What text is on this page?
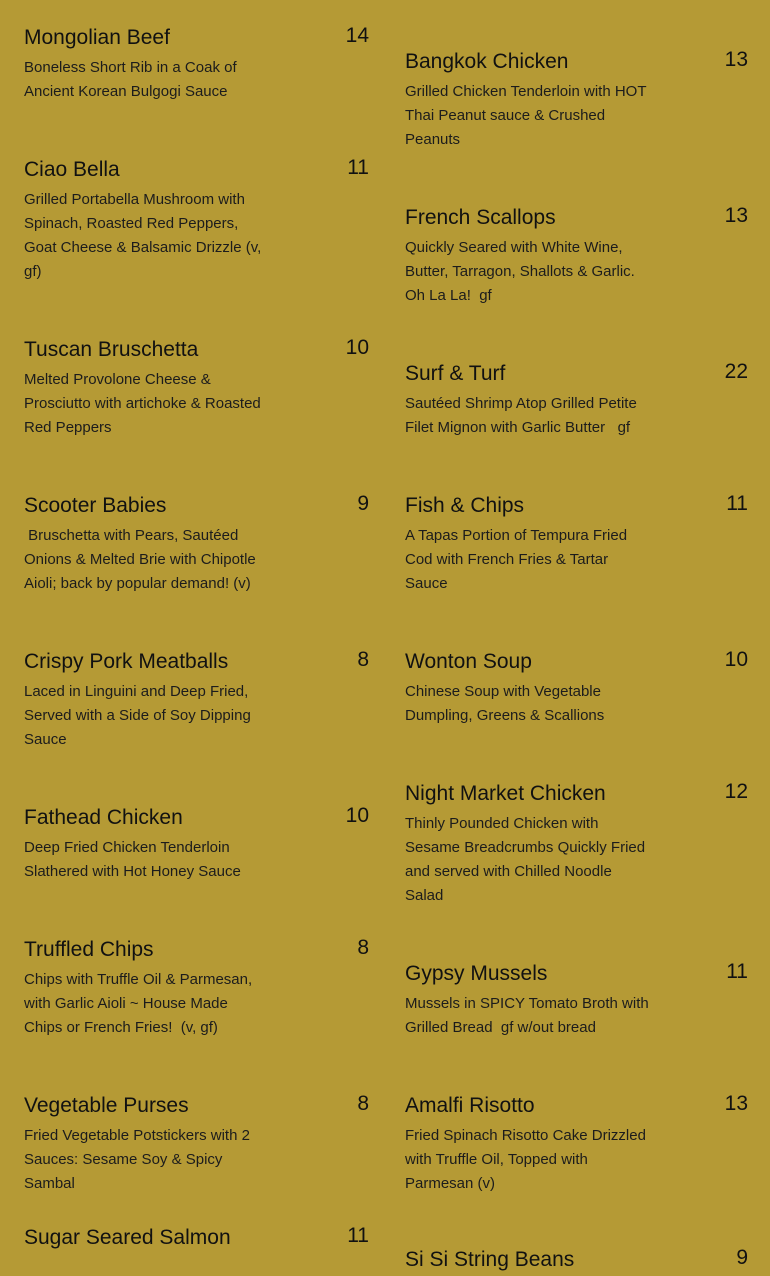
Mongolian Beef	14
Boneless Short Rib in a Coak of Ancient Korean Bulgogi Sauce
Ciao Bella	11
Grilled Portabella Mushroom with Spinach, Roasted Red Peppers, Goat Cheese & Balsamic Drizzle (v, gf)
Tuscan Bruschetta	10
Melted Provolone Cheese & Prosciutto with artichoke & Roasted Red Peppers
Scooter Babies	9
Bruschetta with Pears, Sautéed Onions & Melted Brie with Chipotle Aioli; back by popular demand! (v)
Crispy Pork Meatballs	8
Laced in Linguini and Deep Fried, Served with a Side of Soy Dipping Sauce
Fathead Chicken	10
Deep Fried Chicken Tenderloin Slathered with Hot Honey Sauce
Truffled Chips	8
Chips with Truffle Oil & Parmesan, with Garlic Aioli ~ House Made Chips or French Fries!  (v, gf)
Vegetable Purses	8
Fried Vegetable Potstickers with 2 Sauces: Sesame Soy & Spicy Sambal
Sugar Seared Salmon	11
Bangkok Chicken	13
Grilled Chicken Tenderloin with HOT Thai Peanut sauce & Crushed Peanuts
French Scallops	13
Quickly Seared with White Wine, Butter, Tarragon, Shallots & Garlic. Oh La La!  gf
Surf & Turf	22
Sautéed Shrimp Atop Grilled Petite Filet Mignon with Garlic Butter   gf
Fish & Chips	11
A Tapas Portion of Tempura Fried Cod with French Fries & Tartar Sauce
Wonton Soup	10
Chinese Soup with Vegetable Dumpling, Greens & Scallions
Night Market Chicken	12
Thinly Pounded Chicken with Sesame Breadcrumbs Quickly Fried and served with Chilled Noodle Salad
Gypsy Mussels	11
Mussels in SPICY Tomato Broth with Grilled Bread  gf w/out bread
Amalfi Risotto	13
Fried Spinach Risotto Cake Drizzled with Truffle Oil, Topped with Parmesan (v)
Si Si String Beans	9
